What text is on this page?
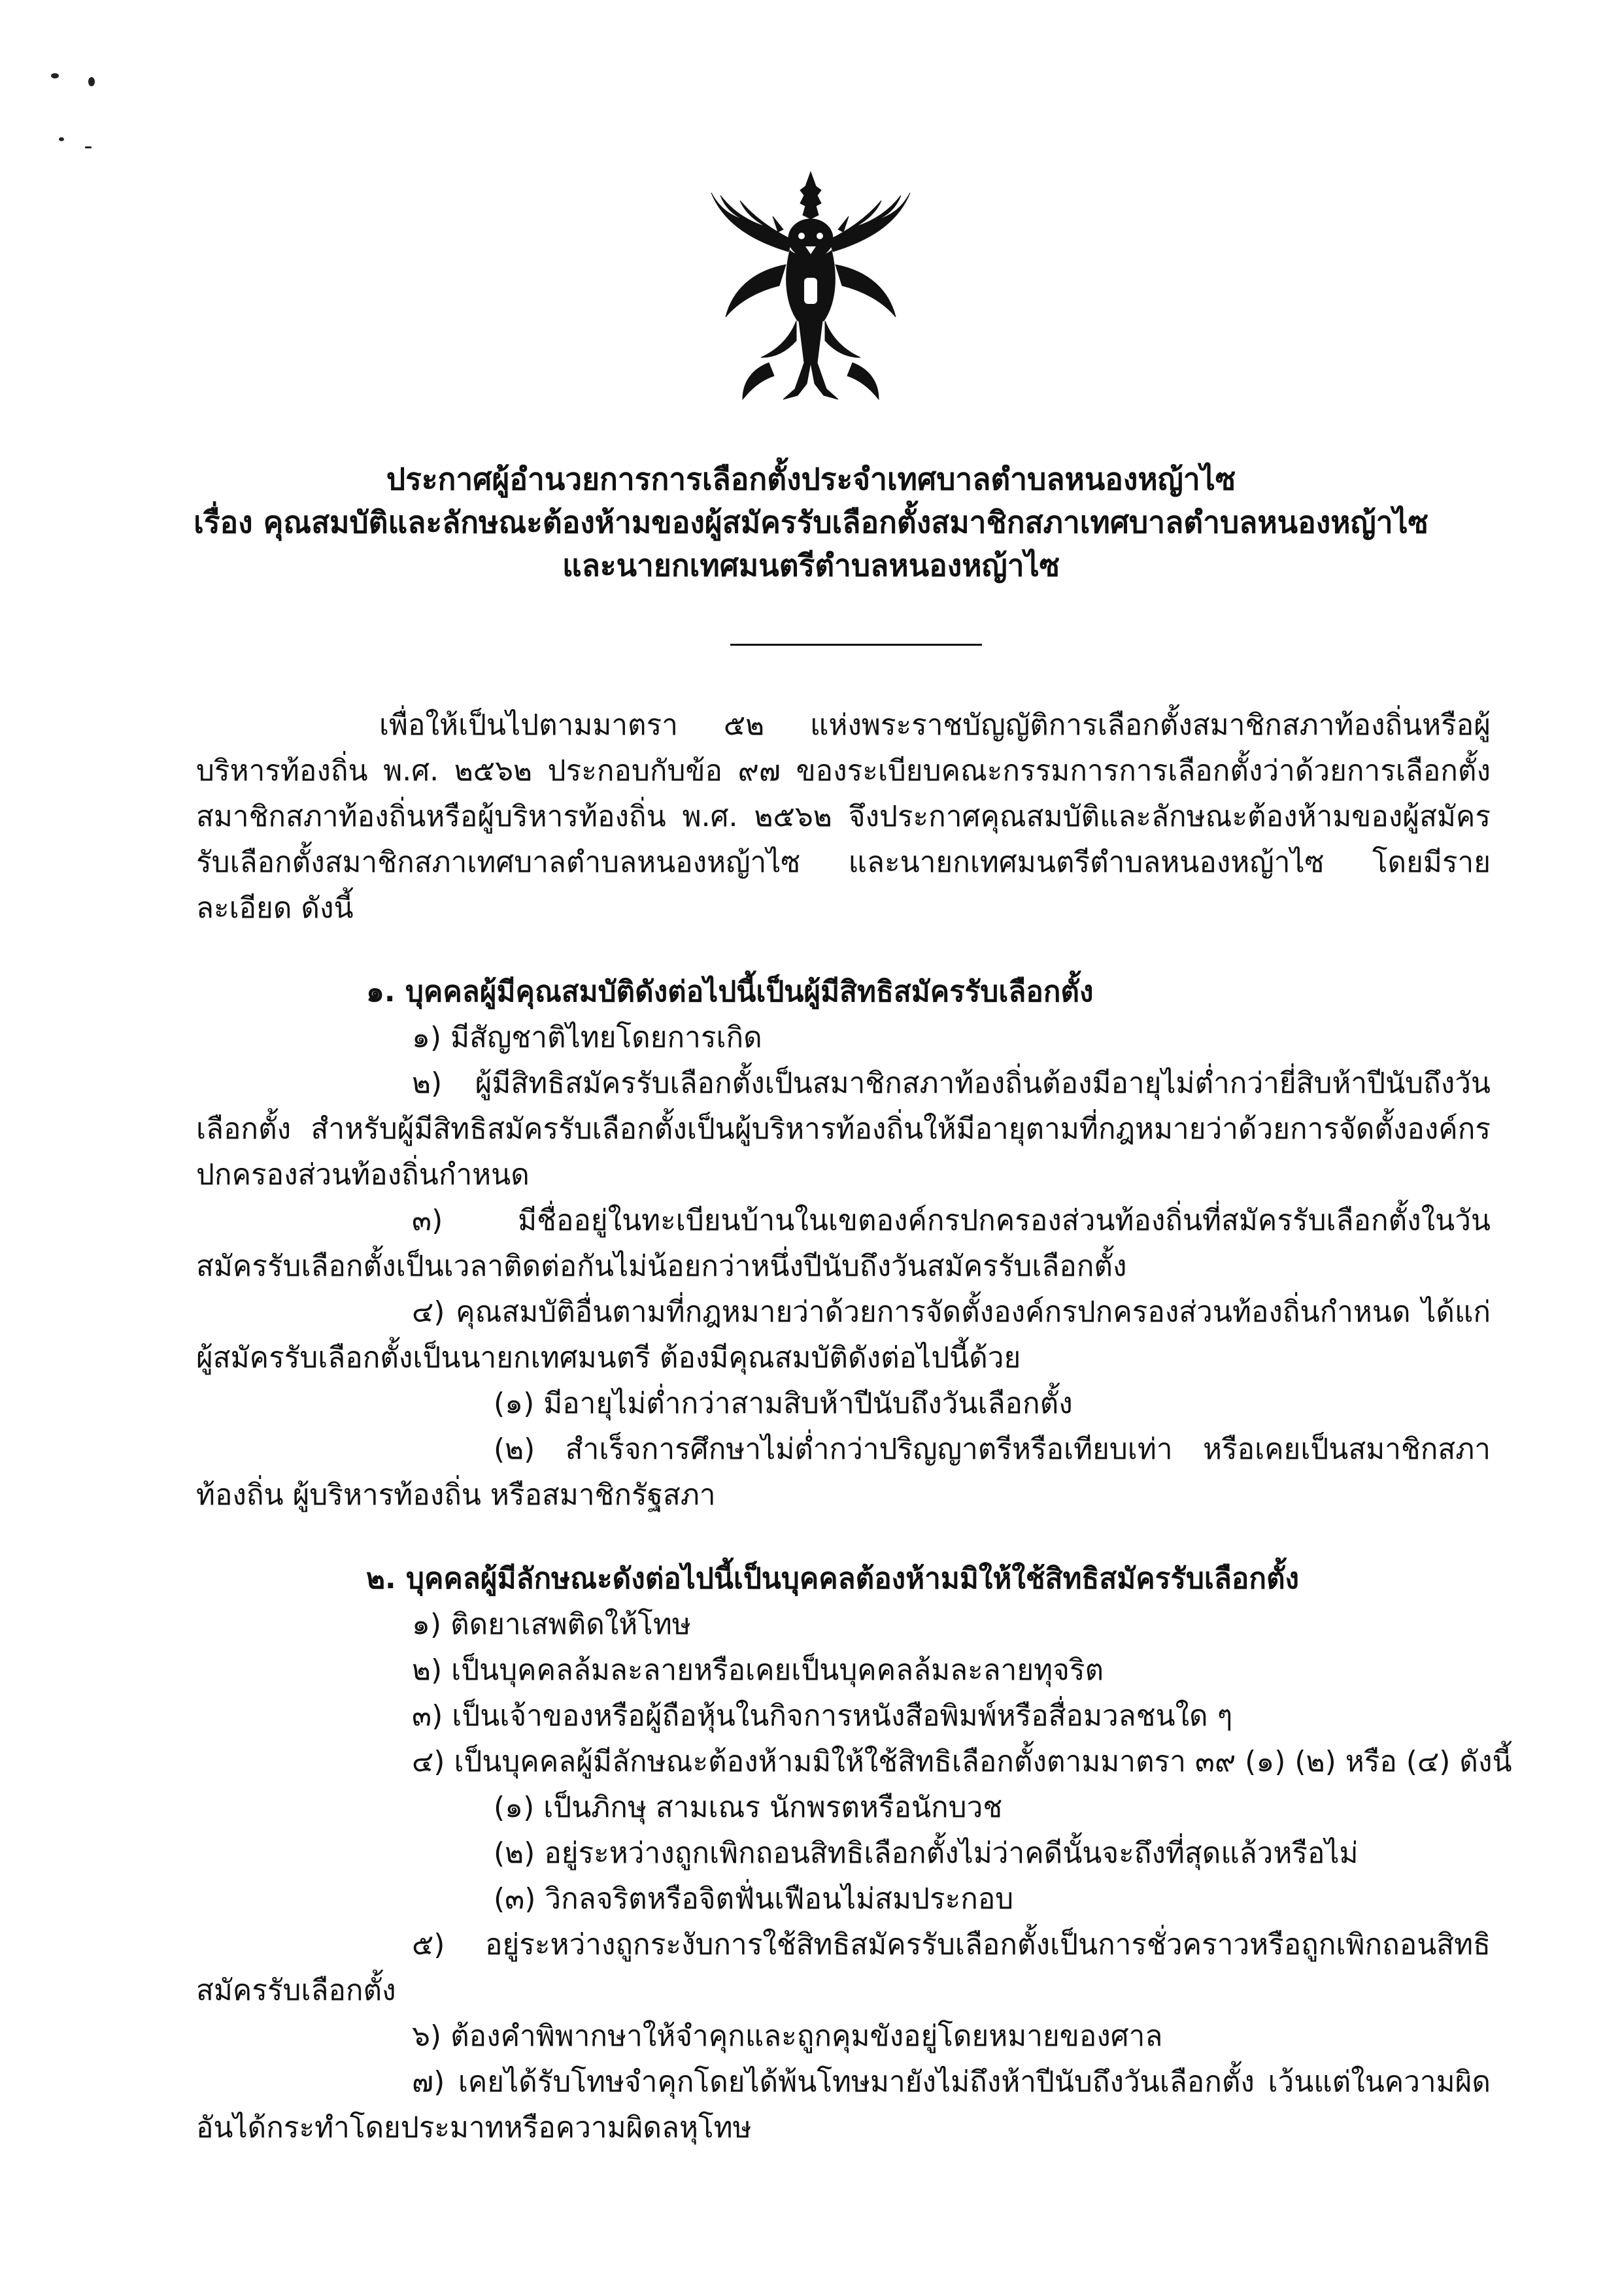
ประกาศผู้อำนวยการการเลือกตั้งประจำเทศบาลตำบลหนองหญ้าไซ
เรื่อง คุณสมบัติและลักษณะต้องห้ามของผู้สมัครรับเลือกตั้งสมาชิกสภาเทศบาลตำบลหนองหญ้าไซ
และนายกเทศมนตรีตำบลหนองหญ้าไซ

เพื่อให้เป็นไปตามมาตรา ๕๒ แห่งพระราชบัญญัติการเลือกตั้งสมาชิกสภาท้องถิ่นหรือผู้บริหารท้องถิ่น พ.ศ. ๒๕๖๒ ประกอบกับข้อ ๙๗ ของระเบียบคณะกรรมการการเลือกตั้งว่าด้วยการเลือกตั้งสมาชิกสภาท้องถิ่นหรือผู้บริหารท้องถิ่น พ.ศ. ๒๕๖๒ จึงประกาศคุณสมบัติและลักษณะต้องห้ามของผู้สมัครรับเลือกตั้งสมาชิกสภาเทศบาลตำบลหนองหญ้าไซ และนายกเทศมนตรีตำบลหนองหญ้าไซ โดยมีรายละเอียด ดังนี้

๑. บุคคลผู้มีคุณสมบัติดังต่อไปนี้เป็นผู้มีสิทธิสมัครรับเลือกตั้ง

๑) มีสัญชาติไทยโดยการเกิด

๒) ผู้มีสิทธิสมัครรับเลือกตั้งเป็นสมาชิกสภาท้องถิ่นต้องมีอายุไม่ต่ำกว่ายี่สิบห้าปีนับถึงวันเลือกตั้ง สำหรับผู้มีสิทธิสมัครรับเลือกตั้งเป็นผู้บริหารท้องถิ่นให้มีอายุตามที่กฎหมายว่าด้วยการจัดตั้งองค์กรปกครองส่วนท้องถิ่นกำหนด

๓) มีชื่ออยู่ในทะเบียนบ้านในเขตองค์กรปกครองส่วนท้องถิ่นที่สมัครรับเลือกตั้งในวันสมัครรับเลือกตั้งเป็นเวลาติดต่อกันไม่น้อยกว่าหนึ่งปีนับถึงวันสมัครรับเลือกตั้ง

๔) คุณสมบัติอื่นตามที่กฎหมายว่าด้วยการจัดตั้งองค์กรปกครองส่วนท้องถิ่นกำหนด ได้แก่ ผู้สมัครรับเลือกตั้งเป็นนายกเทศมนตรี ต้องมีคุณสมบัติดังต่อไปนี้ด้วย

(๑) มีอายุไม่ต่ำกว่าสามสิบห้าปีนับถึงวันเลือกตั้ง

(๒) สำเร็จการศึกษาไม่ต่ำกว่าปริญญาตรีหรือเทียบเท่า หรือเคยเป็นสมาชิกสภาท้องถิ่น ผู้บริหารท้องถิ่น หรือสมาชิกรัฐสภา

๒. บุคคลผู้มีลักษณะดังต่อไปนี้เป็นบุคคลต้องห้ามมิให้ใช้สิทธิสมัครรับเลือกตั้ง

๑) ติดยาเสพติดให้โทษ

๒) เป็นบุคคลล้มละลายหรือเคยเป็นบุคคลล้มละลายทุจริต

๓) เป็นเจ้าของหรือผู้ถือหุ้นในกิจการหนังสือพิมพ์หรือสื่อมวลชนใด ๆ

๔) เป็นบุคคลผู้มีลักษณะต้องห้ามมิให้ใช้สิทธิเลือกตั้งตามมาตรา ๓๙ (๑) (๒) หรือ (๔) ดังนี้

(๑) เป็นภิกษุ สามเณร นักพรตหรือนักบวช

(๒) อยู่ระหว่างถูกเพิกถอนสิทธิเลือกตั้งไม่ว่าคดีนั้นจะถึงที่สุดแล้วหรือไม่

(๓) วิกลจริตหรือจิตฟั่นเฟือนไม่สมประกอบ

๕) อยู่ระหว่างถูกระงับการใช้สิทธิสมัครรับเลือกตั้งเป็นการชั่วคราวหรือถูกเพิกถอนสิทธิสมัครรับเลือกตั้ง

๖) ต้องคำพิพากษาให้จำคุกและถูกคุมขังอยู่โดยหมายของศาล

๗) เคยได้รับโทษจำคุกโดยได้พ้นโทษมายังไม่ถึงห้าปีนับถึงวันเลือกตั้ง เว้นแต่ในความผิดอันได้กระทำโดยประมาทหรือความผิดลหุโทษ
